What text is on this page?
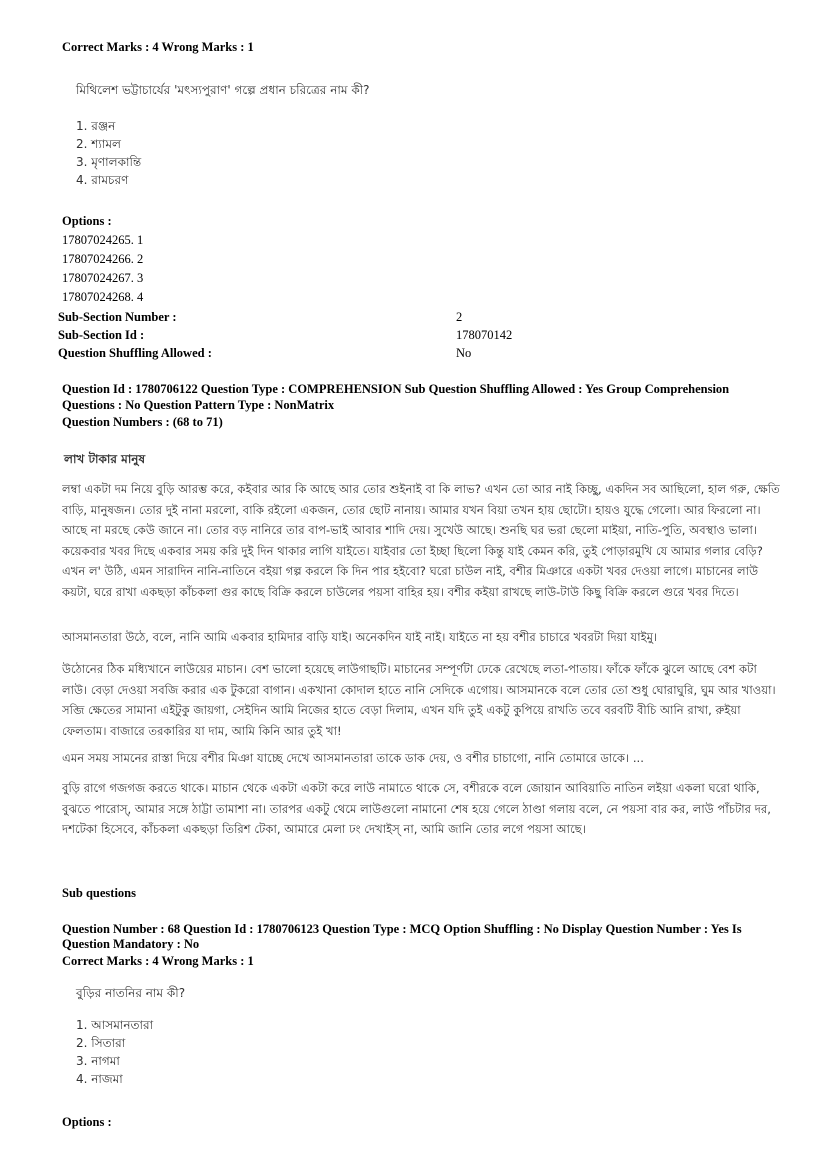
Correct Marks : 4 Wrong Marks : 1
মিথিলেশ ভট্টাচার্যের 'মৎস্যপুরাণ' গল্পে প্রধান চরিত্রের নাম কী?
1. রঞ্জন
2. শ্যামল
3. মৃণালকান্তি
4. রামচরণ
Options :
17807024265. 1
17807024266. 2
17807024267. 3
17807024268. 4
Sub-Section Number :	2
Sub-Section Id :	178070142
Question Shuffling Allowed :	No
Question Id : 1780706122 Question Type : COMPREHENSION Sub Question Shuffling Allowed : Yes Group Comprehension
Questions : No Question Pattern Type : NonMatrix
Question Numbers : (68 to 71)
লাখ টাকার মানুষ
লম্বা একটা দম নিয়ে বুড়ি আরম্ভ করে, কইবার আর কি আছে আর তোর শুইনাই বা কি লাভ? এখন তো আর নাই কিচ্ছু, একদিন সব আছিলো, হাল গরু, ক্ষেতি বাড়ি, মানুষজন। তোর দুই নানা মরলো, বাকি রইলো একজন, তোর ছোট নানায়। আমার যখন বিয়া তখন হায় ছোটো। হায়ও যুদ্ধে গেলো। আর ফিরলো না। আছে না মরছে কেউ জানে না। তোর বড় নানিরে তার বাপ-ভাই আবার শাদি দেয়। সুখেউ আছে। শুনছি ঘর ভরা ছেলো মাইয়া, নাতি-পুতি, অবস্থাও ভালা। কয়েকবার খবর দিছে একবার সময় করি দুই দিন থাকার লাগি যাইতে। যাইবার তো ইচ্ছা ছিলো কিন্তু যাই কেমন করি, তুই পোড়ারমুখি যে আমার গলার বেড়ি? এখন ল' উঠি, এমন সারাদিন নানি-নাতিনে বইয়া গল্প করলে কি দিন পার হইবো? ঘরো চাউল নাই, বশীর মিঞারে একটা খবর দেওয়া লাগে। মাচানের লাউ কয়টা, ঘরে রাখা একছড়া কাঁচকলা গুর কাছে বিক্রি করলে চাউলের পয়সা বাহির হয়। বশীর কইয়া রাখছে লাউ-টাউ কিছু বিক্রি করলে গুরে খবর দিতে।
আসমানতারা উঠে, বলে, নানি আমি একবার হামিদার বাড়ি যাই। অনেকদিন যাই নাই। যাইতে না হয় বশীর চাচারে খবরটা দিয়া যাইমু।
উঠোনের ঠিক মধ্যিখানে লাউয়ের মাচান। বেশ ভালো হয়েছে লাউগাছটি। মাচানের সম্পূর্ণটা ঢেকে রেখেছে লতা-পাতায়। ফাঁকে ফাঁকে ঝুলে আছে বেশ কটা লাউ। বেড়া দেওয়া সবজি করার এক টুকরো বাগান। একখানা কোদাল হাতে নানি সেদিকে এগোয়। আসমানকে বলে তোর তো শুধু ঘোরাঘুরি, ঘুম আর খাওয়া। সব্জি ক্ষেতের সামানা এইটুকু জায়গা, সেইদিন আমি নিজের হাতে বেড়া দিলাম, এখন যদি তুই একটু কুপিয়ে রাখতি তবে বরবটি বীচি আনি রাখা, রুইয়া ফেলতাম। বাজারে তরকারির যা দাম, আমি কিনি আর তুই খা!
এমন সময় সামনের রাস্তা দিয়ে বশীর মিঞা যাচ্ছে দেখে আসমানতারা তাকে ডাক দেয়, ও বশীর চাচাগো, নানি তোমারে ডাকে। ...
বুড়ি রাগে গজগজ করতে থাকে। মাচান থেকে একটা একটা করে লাউ নামাতে থাকে সে, বশীরকে বলে জোয়ান আবিয়াতি নাতিন লইয়া একলা ঘরো থাকি, বুঝতে পারোস্, আমার সঙ্গে ঠাট্টা তামাশা না। তারপর একটু থেমে লাউগুলো নামানো শেষ হয়ে গেলে ঠাণ্ডা গলায় বলে, নে পয়সা বার কর, লাউ পাঁচটার দর, দশটেকা হিসেবে, কাঁচকলা একছড়া তিরিশ টেকা, আমারে মেলা ঢং দেখাইস্ না, আমি জানি তোর লগে পয়সা আছে।
Sub questions
Question Number : 68 Question Id : 1780706123 Question Type : MCQ Option Shuffling : No Display Question Number : Yes Is
Question Mandatory : No
Correct Marks : 4 Wrong Marks : 1
বুড়ির নাতনির নাম কী?
1. আসমানতারা
2. সিতারা
3. নাগমা
4. নাজমা
Options :
